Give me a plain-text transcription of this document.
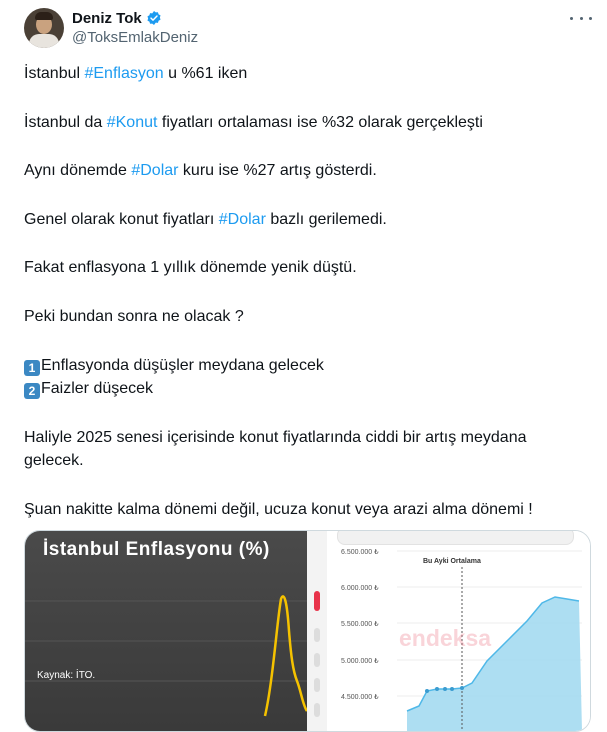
Deniz Tok
@ToksEmlakDeniz

İstanbul #Enflasyon u %61 iken

İstanbul da #Konut fiyatları ortalaması ise %32 olarak gerçekleşti

Aynı dönemde #Dolar kuru ise %27 artış gösterdi.

Genel olarak konut fiyatları #Dolar bazlı gerilemedi.

Fakat enflasyona 1 yıllık dönemde yenik düştü.

Peki bundan sonra ne olacak ?

1 Enflasyonda düşüşler meydana gelecek

2 Faizler düşecek

Haliyle 2025 senesi içerisinde konut fiyatlarında ciddi bir artış meydana gelecek.

Şuan nakitte kalma dönemi değil, ucuza konut veya arazi alma dönemi !

İstanbul Enflasyonu (%)
Kaynak: İTO.
6.500.000 ₺
6.000.000 ₺
5.500.000 ₺
5.000.000 ₺
4.500.000 ₺
Bu Ayki Ortalama
endeksa
